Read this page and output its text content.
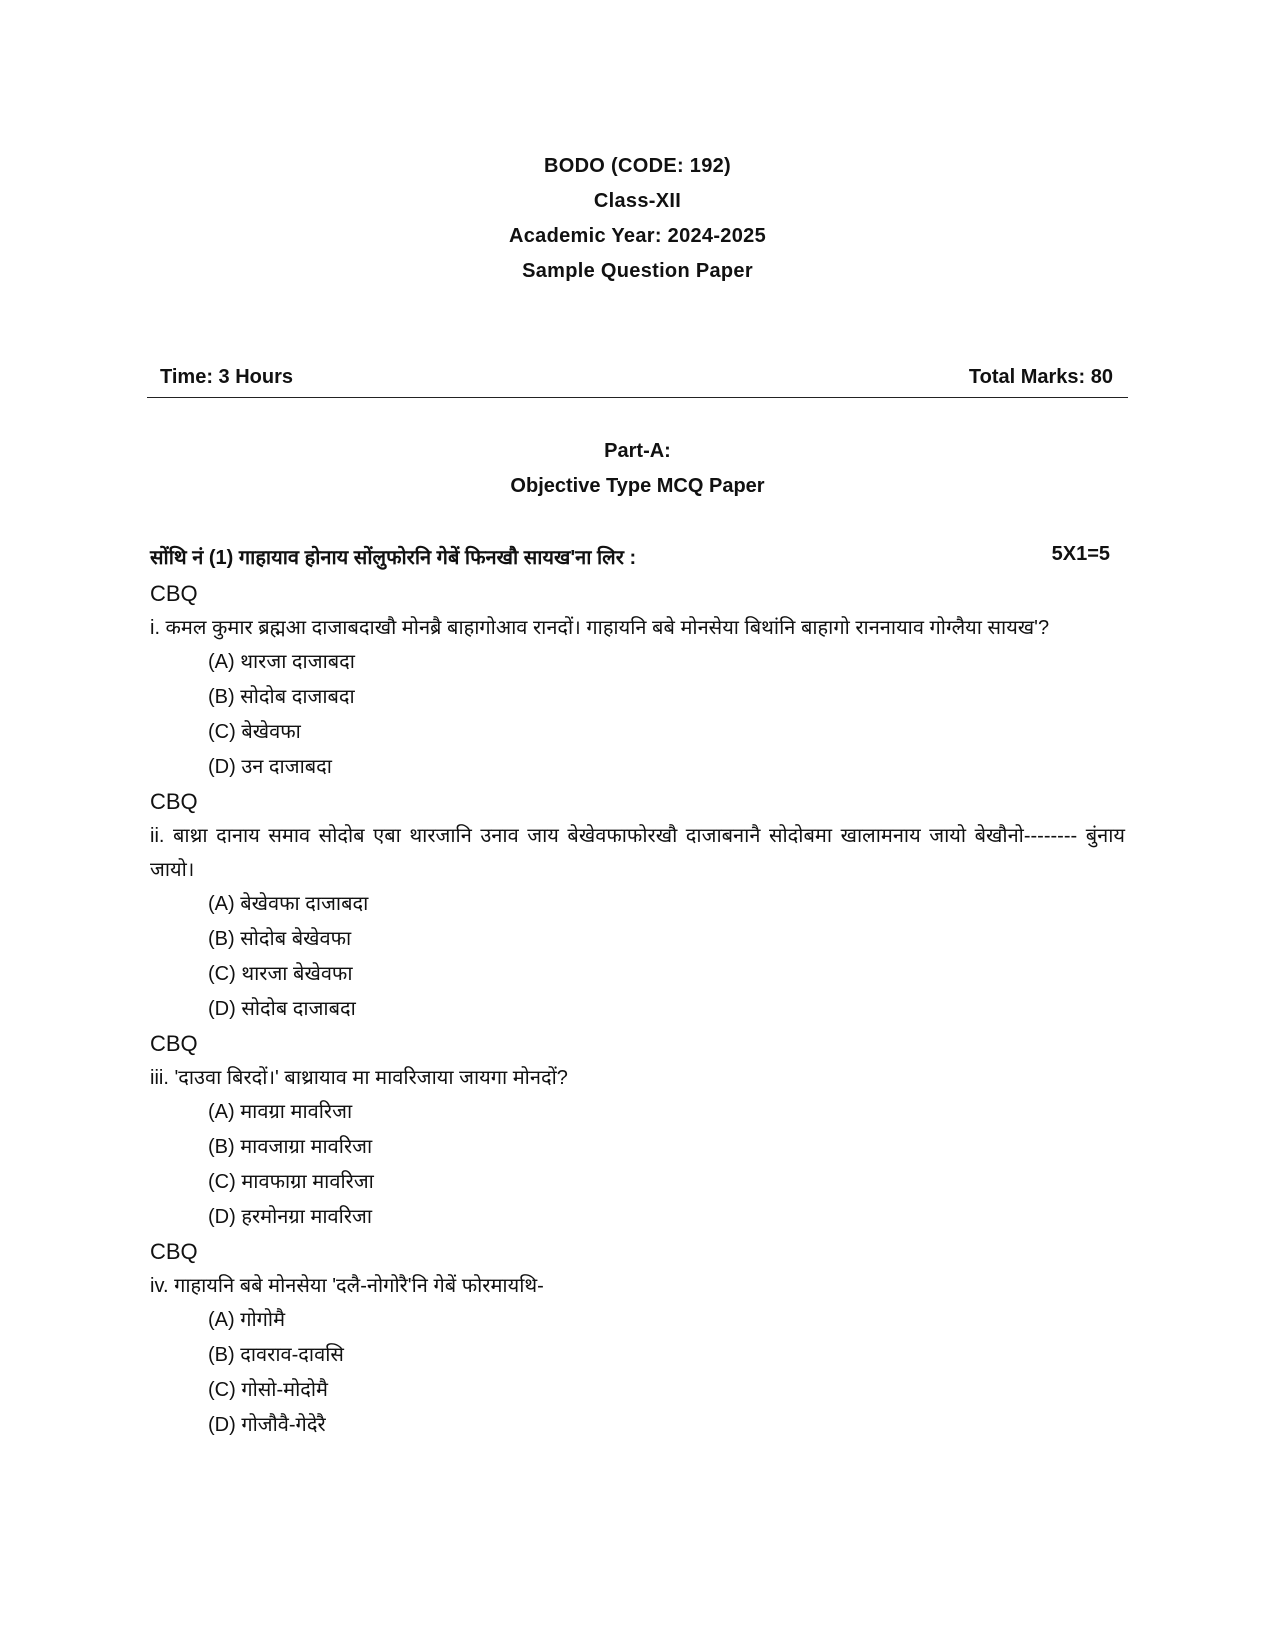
BODO (CODE: 192)
Class-XII
Academic Year: 2024-2025
Sample Question Paper
Time: 3 Hours	Total Marks: 80
Part-A:
Objective Type MCQ Paper
सोंथि नं (1) गाहायाव होनाय सोंलुफोरनि गेबें फिनखौ सायख'ना लिर :	5X1=5
CBQ
i. कमल कुमार ब्रह्मआ दाजाबदाखौ मोनब्रै बाहागोआव रानदों। गाहायनि बबे मोनसेया बिथांनि बाहागो राननायाव गोग्लैया सायख'?
(A) थारजा दाजाबदा
(B) सोदोब दाजाबदा
(C) बेखेवफा
(D) उन दाजाबदा
CBQ
ii. बाथ्रा दानाय समाव सोदोब एबा थारजानि उनाव जाय बेखेवफाफोरखौ दाजाबनानै सोदोबमा खालामनाय जायो बेखौनो-------- बुंनाय जायो।
(A) बेखेवफा दाजाबदा
(B) सोदोब बेखेवफा
(C) थारजा बेखेवफा
(D) सोदोब दाजाबदा
CBQ
iii. 'दाउवा बिरदों।' बाथ्रायाव मा मावरिजाया जायगा मोनदों?
(A) मावग्रा मावरिजा
(B) मावजाग्रा मावरिजा
(C) मावफाग्रा मावरिजा
(D) हरमोनग्रा मावरिजा
CBQ
iv. गाहायनि बबे मोनसेया 'दलै-नोगोरै'नि गेबें फोरमायथि-
(A) गोगोमै
(B) दावराव-दावसि
(C) गोसो-मोदोमै
(D) गोजौवै-गेदेरै
